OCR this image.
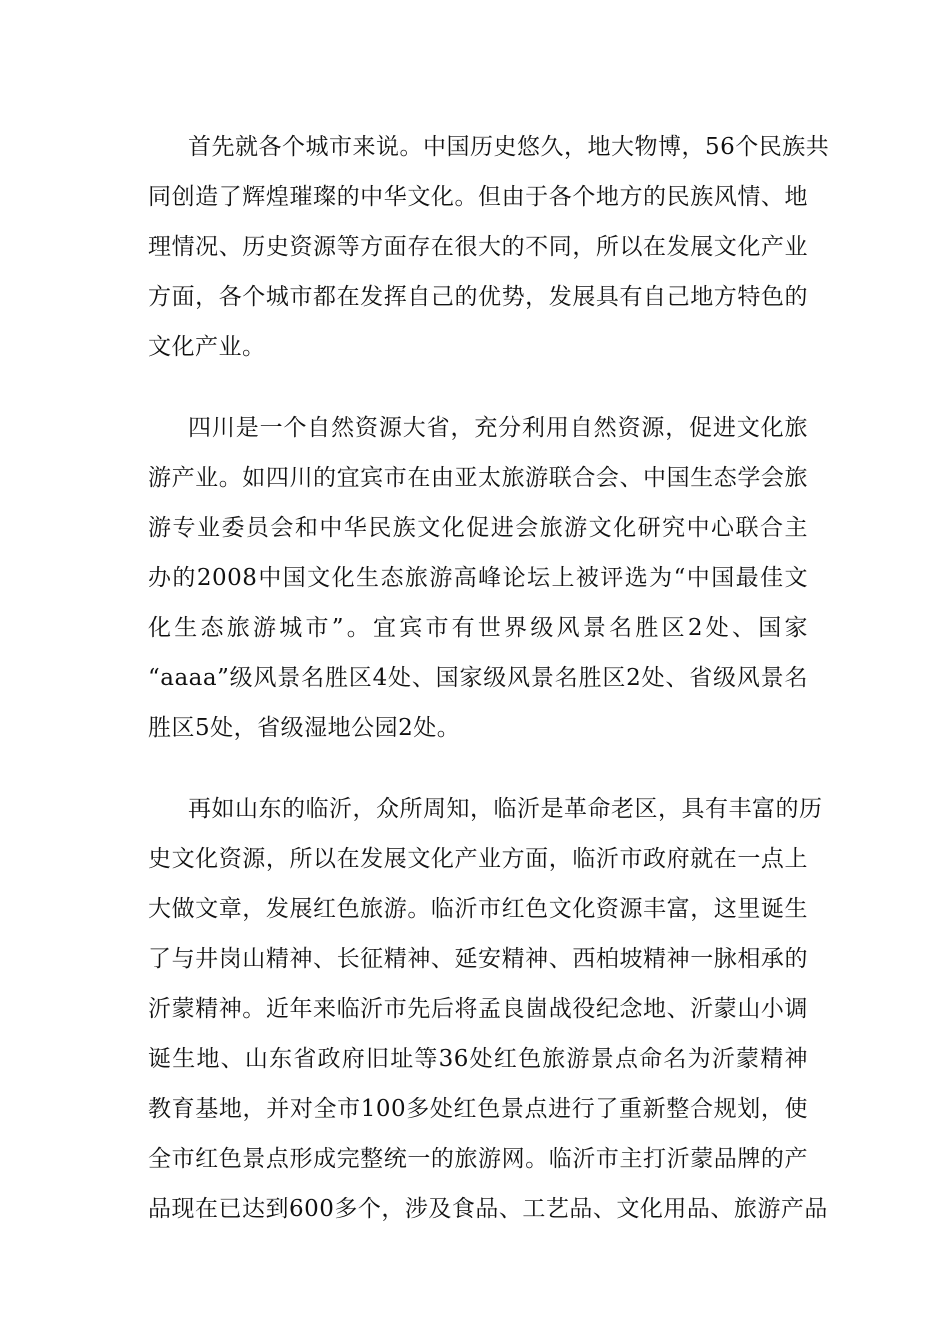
首先就各个城市来说。中国历史悠久，地大物博，56个民族共
同创造了辉煌璀璨的中华文化。但由于各个地方的民族风情、地
理情况、历史资源等方面存在很大的不同，所以在发展文化产业
方面，各个城市都在发挥自己的优势，发展具有自己地方特色的
文化产业。
四川是一个自然资源大省，充分利用自然资源，促进文化旅
游产业。如四川的宜宾市在由亚太旅游联合会、中国生态学会旅
游专业委员会和中华民族文化促进会旅游文化研究中心联合主
办的2008中国文化生态旅游高峰论坛上被评选为“中国最佳文
化生态旅游城市”。宜宾市有世界级风景名胜区2处、国家
“aaaa”级风景名胜区4处、国家级风景名胜区2处、省级风景名
胜区5处，省级湿地公园2处。
再如山东的临沂，众所周知，临沂是革命老区，具有丰富的历
史文化资源，所以在发展文化产业方面，临沂市政府就在一点上
大做文章，发展红色旅游。临沂市红色文化资源丰富，这里诞生
了与井岗山精神、长征精神、延安精神、西柏坡精神一脉相承的
沂蒙精神。近年来临沂市先后将孟良崮战役纪念地、沂蒙山小调
诞生地、山东省政府旧址等36处红色旅游景点命名为沂蒙精神
教育基地，并对全市100多处红色景点进行了重新整合规划，使
全市红色景点形成完整统一的旅游网。临沂市主打沂蒙品牌的产
品现在已达到600多个，涉及食品、工艺品、文化用品、旅游产品
